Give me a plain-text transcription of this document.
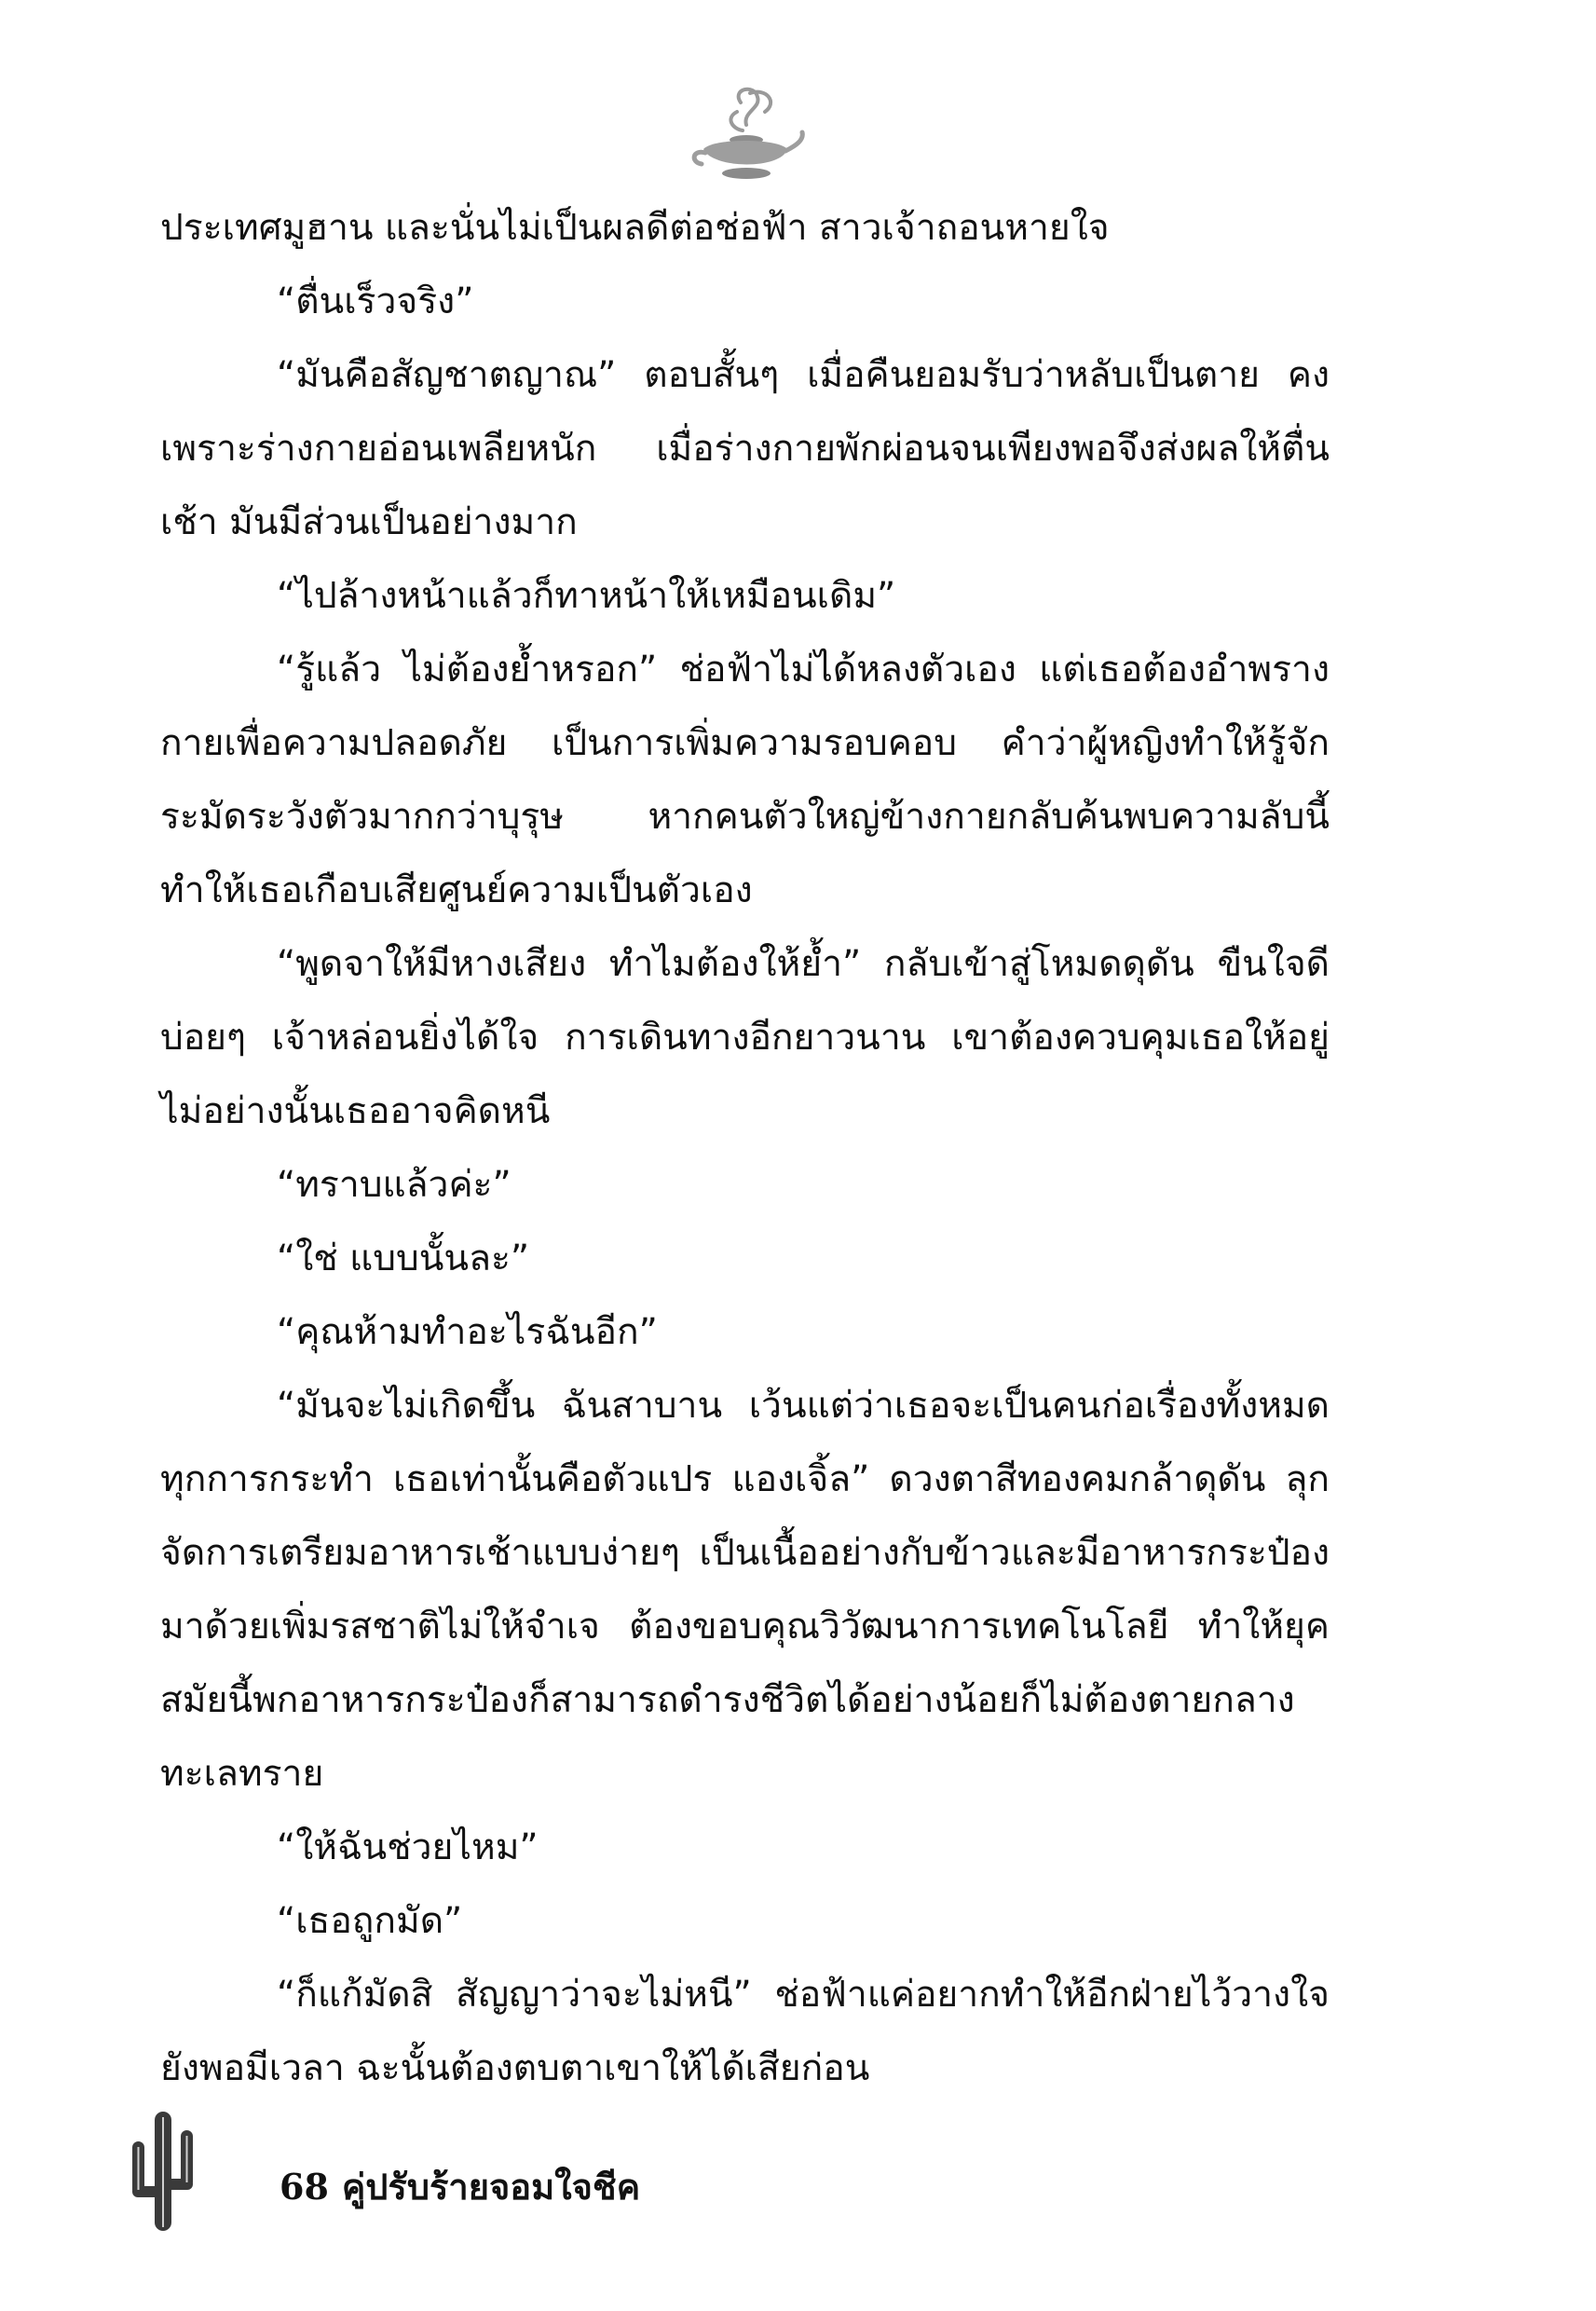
ประเทศมูฮาน และนั่นไม่เป็นผลดีต่อช่อฟ้า สาวเจ้าถอนหายใจ

“ตื่นเร็วจริง”

“มันคือสัญชาตญาณ” ตอบสั้นๆ เมื่อคืนยอมรับว่าหลับเป็นตาย คงเพราะร่างกายอ่อนเพลียหนัก เมื่อร่างกายพักผ่อนจนเพียงพอจึงส่งผลให้ตื่นเช้า มันมีส่วนเป็นอย่างมาก

“ไปล้างหน้าแล้วก็ทาหน้าให้เหมือนเดิม”

“รู้แล้ว ไม่ต้องย้ำหรอก” ช่อฟ้าไม่ได้หลงตัวเอง แต่เธอต้องอำพรางกายเพื่อความปลอดภัย เป็นการเพิ่มความรอบคอบ คำว่าผู้หญิงทำให้รู้จักระมัดระวังตัวมากกว่าบุรุษ หากคนตัวใหญ่ข้างกายกลับค้นพบความลับนี้ ทำให้เธอเกือบเสียศูนย์ความเป็นตัวเอง

“พูดจาให้มีหางเสียง ทำไมต้องให้ย้ำ” กลับเข้าสู่โหมดดุดัน ขืนใจดีบ่อยๆ เจ้าหล่อนยิ่งได้ใจ การเดินทางอีกยาวนาน เขาต้องควบคุมเธอให้อยู่ ไม่อย่างนั้นเธออาจคิดหนี

“ทราบแล้วค่ะ”

“ใช่ แบบนั้นละ”

“คุณห้ามทำอะไรฉันอีก”

“มันจะไม่เกิดขึ้น ฉันสาบาน เว้นแต่ว่าเธอจะเป็นคนก่อเรื่องทั้งหมดทุกการกระทำ เธอเท่านั้นคือตัวแปร แองเจิ้ล” ดวงตาสีทองคมกล้าดุดัน ลุกจัดการเตรียมอาหารเช้าแบบง่ายๆ เป็นเนื้ออย่างกับข้าวและมีอาหารกระป๋องมาด้วยเพิ่มรสชาติไม่ให้จำเจ ต้องขอบคุณวิวัฒนาการเทคโนโลยี ทำให้ยุคสมัยนี้พกอาหารกระป๋องก็สามารถดำรงชีวิตได้อย่างน้อยก็ไม่ต้องตายกลางทะเลทราย

“ให้ฉันช่วยไหม”

“เธอถูกมัด”

“ก็แก้มัดสิ สัญญาว่าจะไม่หนี” ช่อฟ้าแค่อยากทำให้อีกฝ่ายไว้วางใจ ยังพอมีเวลา ฉะนั้นต้องตบตาเขาให้ได้เสียก่อน

68 คู่ปรับร้ายจอมใจชีค
